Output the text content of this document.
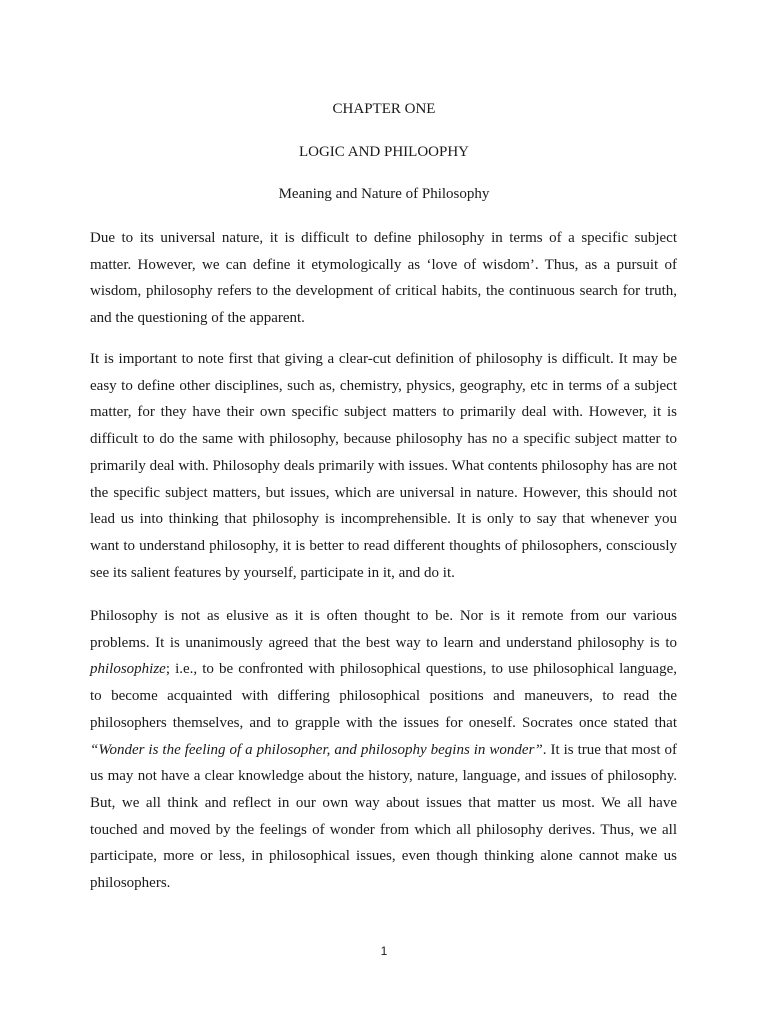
CHAPTER ONE
LOGIC AND PHILOOPHY
Meaning and Nature of Philosophy

Due to its universal nature, it is difficult to define philosophy in terms of a specific subject matter. However, we can define it etymologically as ‘love of wisdom’. Thus, as a pursuit of wisdom, philosophy refers to the development of critical habits, the continuous search for truth, and the questioning of the apparent.

It is important to note first that giving a clear-cut definition of philosophy is difficult. It may be easy to define other disciplines, such as, chemistry, physics, geography, etc in terms of a subject matter, for they have their own specific subject matters to primarily deal with. However, it is difficult to do the same with philosophy, because philosophy has no a specific subject matter to primarily deal with. Philosophy deals primarily with issues. What contents philosophy has are not the specific subject matters, but issues, which are universal in nature. However, this should not lead us into thinking that philosophy is incomprehensible. It is only to say that whenever you want to understand philosophy, it is better to read different thoughts of philosophers, consciously see its salient features by yourself, participate in it, and do it.

Philosophy is not as elusive as it is often thought to be. Nor is it remote from our various problems. It is unanimously agreed that the best way to learn and understand philosophy is to philosophize; i.e., to be confronted with philosophical questions, to use philosophical language, to become acquainted with differing philosophical positions and maneuvers, to read the philosophers themselves, and to grapple with the issues for oneself. Socrates once stated that “Wonder is the feeling of a philosopher, and philosophy begins in wonder”. It is true that most of us may not have a clear knowledge about the history, nature, language, and issues of philosophy. But, we all think and reflect in our own way about issues that matter us most. We all have touched and moved by the feelings of wonder from which all philosophy derives. Thus, we all participate, more or less, in philosophical issues, even though thinking alone cannot make us philosophers.

1
